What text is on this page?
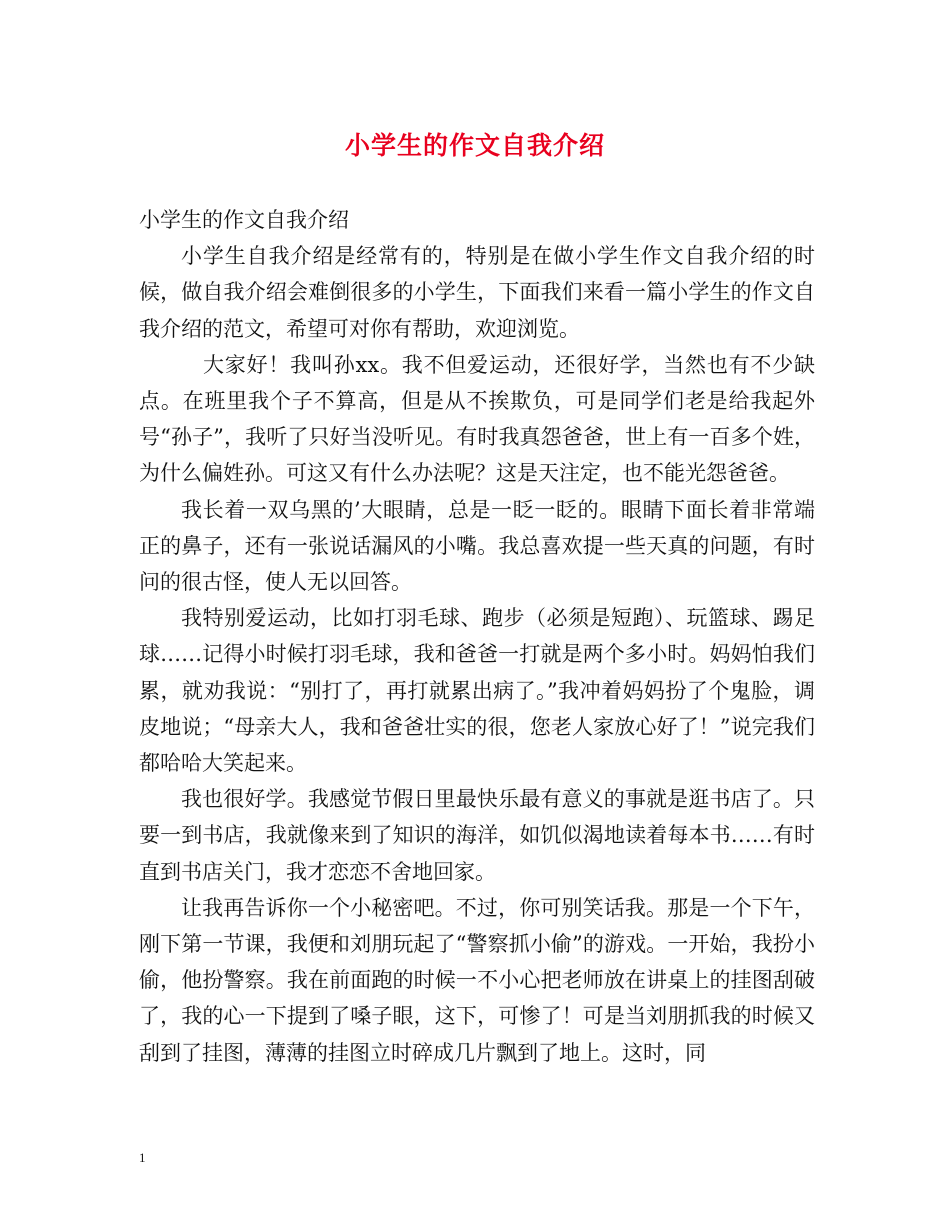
小学生的作文自我介绍

小学生的作文自我介绍

小学生自我介绍是经常有的，特别是在做小学生作文自我介绍的时候，做自我介绍会难倒很多的小学生，下面我们来看一篇小学生的作文自我介绍的范文，希望可对你有帮助，欢迎浏览。

大家好！我叫孙xx。我不但爱运动，还很好学，当然也有不少缺点。在班里我个子不算高，但是从不挨欺负，可是同学们老是给我起外号“孙子”，我听了只好当没听见。有时我真怨爸爸，世上有一百多个姓，为什么偏姓孙。可这又有什么办法呢？这是天注定，也不能光怨爸爸。

我长着一双乌黑的’大眼睛，总是一眨一眨的。眼睛下面长着非常端正的鼻子，还有一张说话漏风的小嘴。我总喜欢提一些天真的问题，有时问的很古怪，使人无以回答。

我特别爱运动，比如打羽毛球、跑步（必须是短跑）、玩篮球、踢足球……记得小时候打羽毛球，我和爸爸一打就是两个多小时。妈妈怕我们累，就劝我说：“别打了，再打就累出病了。”我冲着妈妈扮了个鬼脸，调皮地说；“母亲大人，我和爸爸壮实的很，您老人家放心好了！”说完我们都哈哈大笑起来。

我也很好学。我感觉节假日里最快乐最有意义的事就是逛书店了。只要一到书店，我就像来到了知识的海洋，如饥似渴地读着每本书……有时直到书店关门，我才恋恋不舍地回家。

让我再告诉你一个小秘密吧。不过，你可别笑话我。那是一个下午，刚下第一节课，我便和刘朋玩起了“警察抓小偷”的游戏。一开始，我扮小偷，他扮警察。我在前面跑的时候一不小心把老师放在讲桌上的挂图刮破了，我的心一下提到了嗓子眼，这下，可惨了！可是当刘朋抓我的时候又刮到了挂图，薄薄的挂图立时碎成几片飘到了地上。这时，同

1
